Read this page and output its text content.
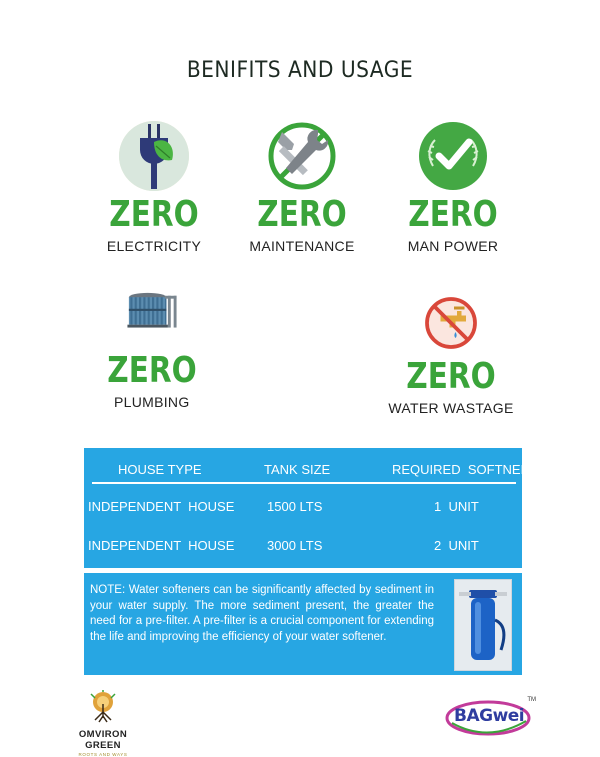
BENIFITS AND USAGE
ZERO
ELECTRICITY
ZERO
MAINTENANCE
ZERO
MAN POWER
ZERO
PLUMBING
ZERO
WATER WASTAGE
HOUSE TYPE	TANK SIZE	REQUIRED  SOFTNER
INDEPENDENT  HOUSE	1500 LTS	1  UNIT
INDEPENDENT  HOUSE	3000 LTS	2  UNIT
NOTE: Water softeners can be significantly affected by sediment in your water supply. The more sediment present, the greater the need for a pre-filter. A pre-filter is a crucial component for extending the life and improving the efficiency of your water softener.
OMVIRON GREEN
ROOTS AND WAYS
BAGwei
TM
